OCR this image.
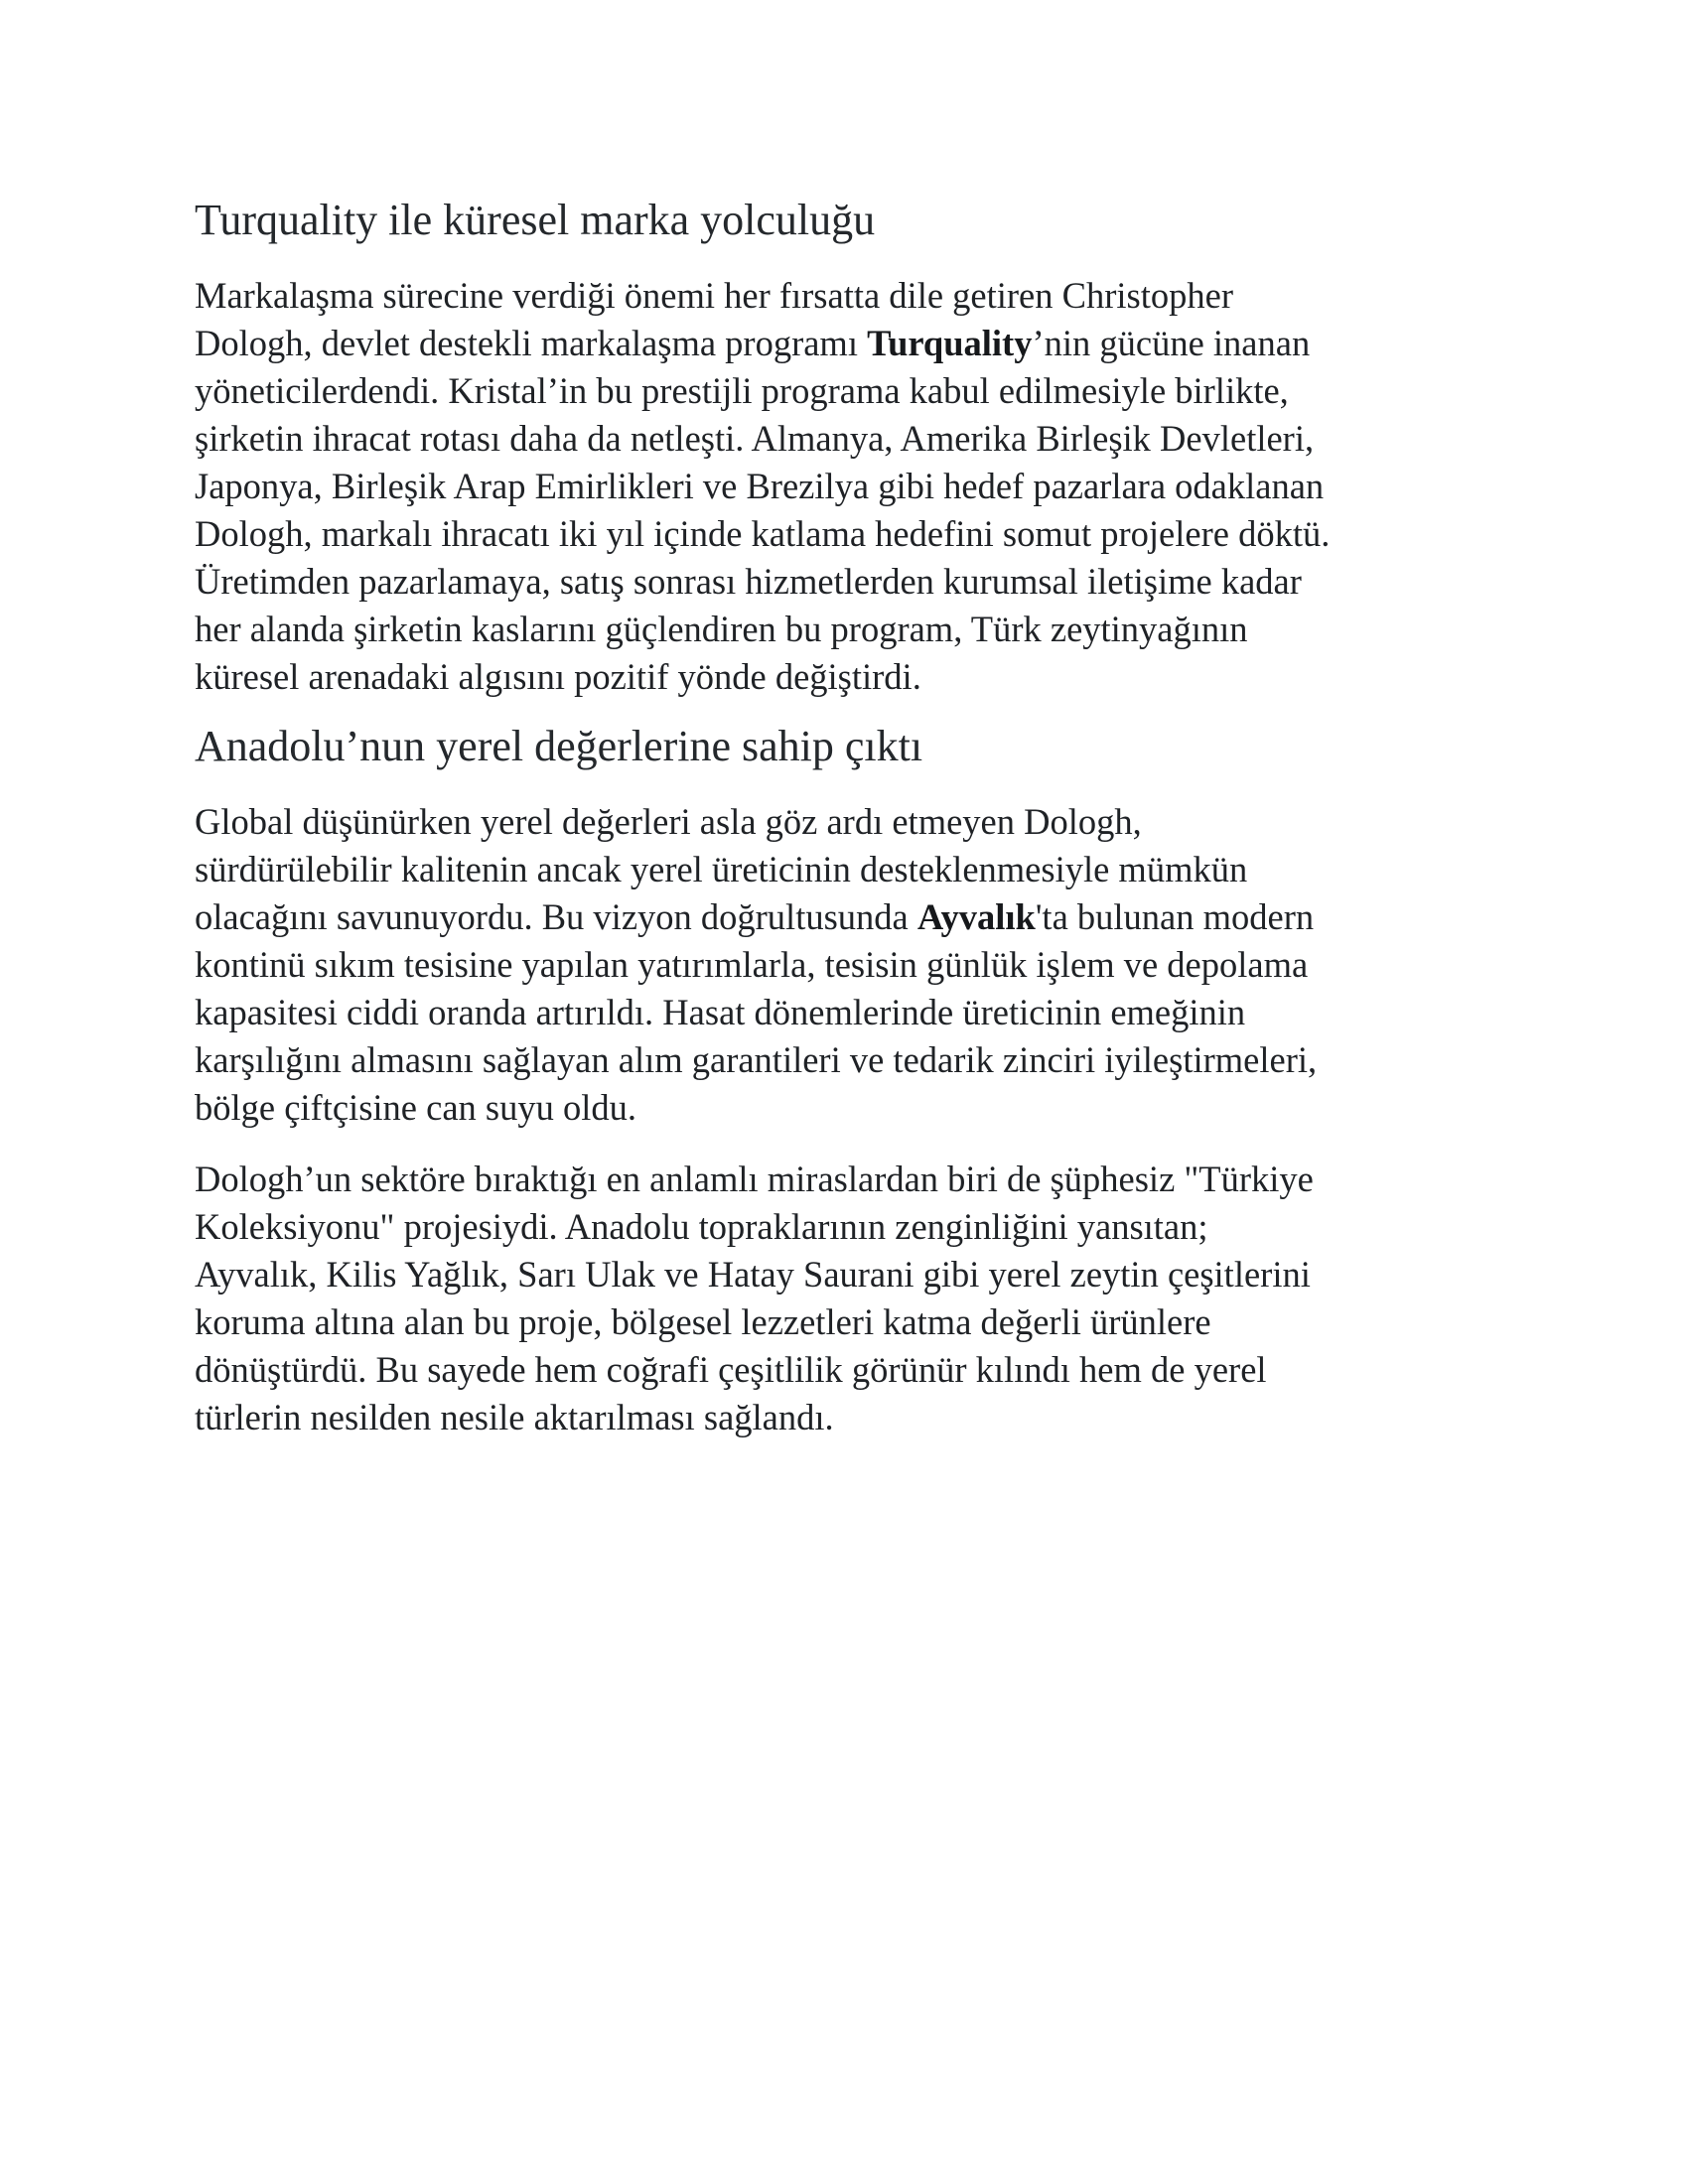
Turquality ile küresel marka yolculuğu

Markalaşma sürecine verdiği önemi her fırsatta dile getiren Christopher
Dologh, devlet destekli markalaşma programı Turquality’nin gücüne inanan
yöneticilerdendi. Kristal’in bu prestijli programa kabul edilmesiyle birlikte,
şirketin ihracat rotası daha da netleşti. Almanya, Amerika Birleşik Devletleri,
Japonya, Birleşik Arap Emirlikleri ve Brezilya gibi hedef pazarlara odaklanan
Dologh, markalı ihracatı iki yıl içinde katlama hedefini somut projelere döktü.
Üretimden pazarlamaya, satış sonrası hizmetlerden kurumsal iletişime kadar
her alanda şirketin kaslarını güçlendiren bu program, Türk zeytinyağının
küresel arenadaki algısını pozitif yönde değiştirdi.

Anadolu’nun yerel değerlerine sahip çıktı

Global düşünürken yerel değerleri asla göz ardı etmeyen Dologh,
sürdürülebilir kalitenin ancak yerel üreticinin desteklenmesiyle mümkün
olacağını savunuyordu. Bu vizyon doğrultusunda Ayvalık'ta bulunan modern
kontinü sıkım tesisine yapılan yatırımlarla, tesisin günlük işlem ve depolama
kapasitesi ciddi oranda artırıldı. Hasat dönemlerinde üreticinin emeğinin
karşılığını almasını sağlayan alım garantileri ve tedarik zinciri iyileştirmeleri,
bölge çiftçisine can suyu oldu.

Dologh’un sektöre bıraktığı en anlamlı miraslardan biri de şüphesiz "Türkiye
Koleksiyonu" projesiydi. Anadolu topraklarının zenginliğini yansıtan;
Ayvalık, Kilis Yağlık, Sarı Ulak ve Hatay Saurani gibi yerel zeytin çeşitlerini
koruma altına alan bu proje, bölgesel lezzetleri katma değerli ürünlere
dönüştürdü. Bu sayede hem coğrafi çeşitlilik görünür kılındı hem de yerel
türlerin nesilden nesile aktarılması sağlandı.
